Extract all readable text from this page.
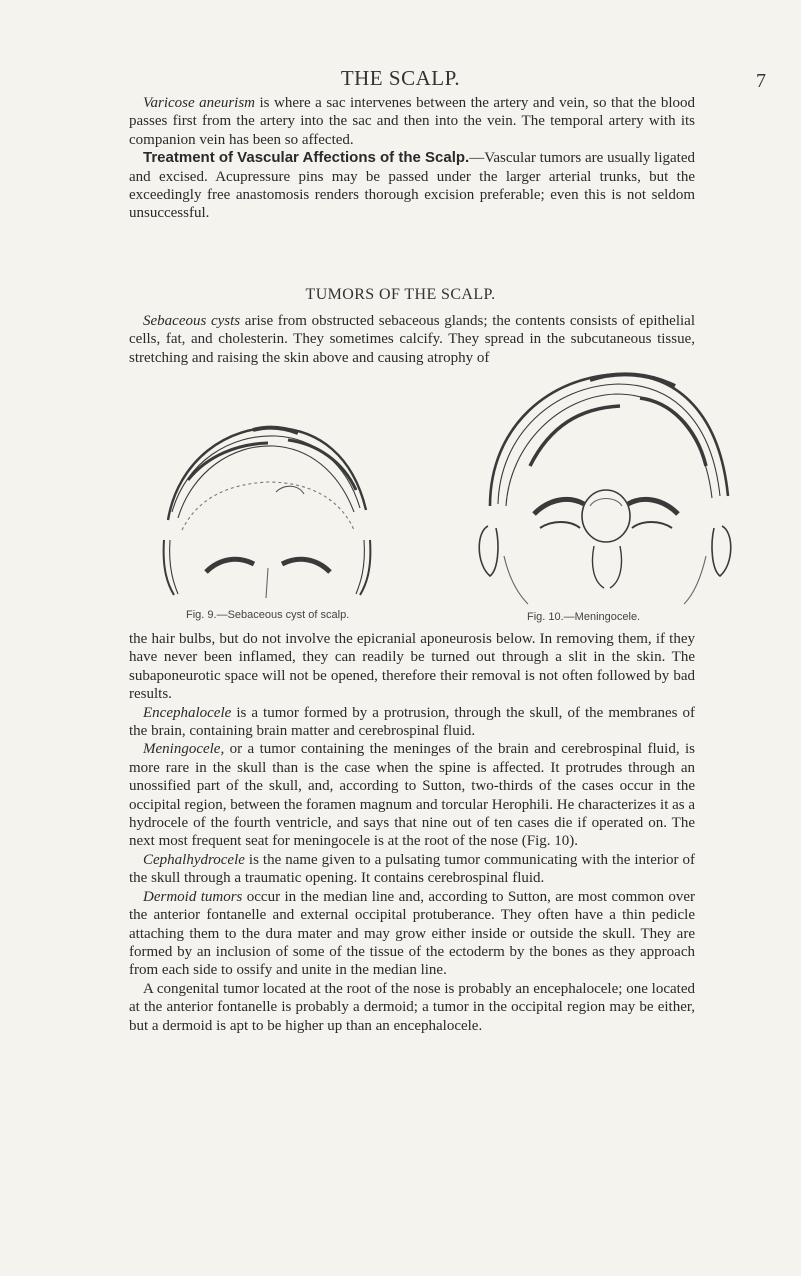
THE SCALP.	7

Varicose aneurism is where a sac intervenes between the artery and vein, so that the blood passes first from the artery into the sac and then into the vein. The temporal artery with its companion vein has been so affected.

Treatment of Vascular Affections of the Scalp.—Vascular tumors are usually ligated and excised. Acupressure pins may be passed under the larger arterial trunks, but the exceedingly free anastomosis renders thorough excision preferable; even this is not seldom unsuccessful.

TUMORS OF THE SCALP.

Sebaceous cysts arise from obstructed sebaceous glands; the contents consists of epithelial cells, fat, and cholesterin. They sometimes calcify. They spread in the subcutaneous tissue, stretching and raising the skin above and causing atrophy of

Fig. 9.—Sebaceous cyst of scalp.	Fig. 10.—Meningocele.

the hair bulbs, but do not involve the epicranial aponeurosis below. In removing them, if they have never been inflamed, they can readily be turned out through a slit in the skin. The subaponeurotic space will not be opened, therefore their removal is not often followed by bad results.

Encephalocele is a tumor formed by a protrusion, through the skull, of the membranes of the brain, containing brain matter and cerebrospinal fluid.

Meningocele, or a tumor containing the meninges of the brain and cerebrospinal fluid, is more rare in the skull than is the case when the spine is affected. It protrudes through an unossified part of the skull, and, according to Sutton, two-thirds of the cases occur in the occipital region, between the foramen magnum and torcular Herophili. He characterizes it as a hydrocele of the fourth ventricle, and says that nine out of ten cases die if operated on. The next most frequent seat for meningocele is at the root of the nose (Fig. 10).

Cephalhydrocele is the name given to a pulsating tumor communicating with the interior of the skull through a traumatic opening. It contains cerebrospinal fluid.

Dermoid tumors occur in the median line and, according to Sutton, are most common over the anterior fontanelle and external occipital protuberance. They often have a thin pedicle attaching them to the dura mater and may grow either inside or outside the skull. They are formed by an inclusion of some of the tissue of the ectoderm by the bones as they approach from each side to ossify and unite in the median line.

A congenital tumor located at the root of the nose is probably an encephalocele; one located at the anterior fontanelle is probably a dermoid; a tumor in the occipital region may be either, but a dermoid is apt to be higher up than an encephalocele.
